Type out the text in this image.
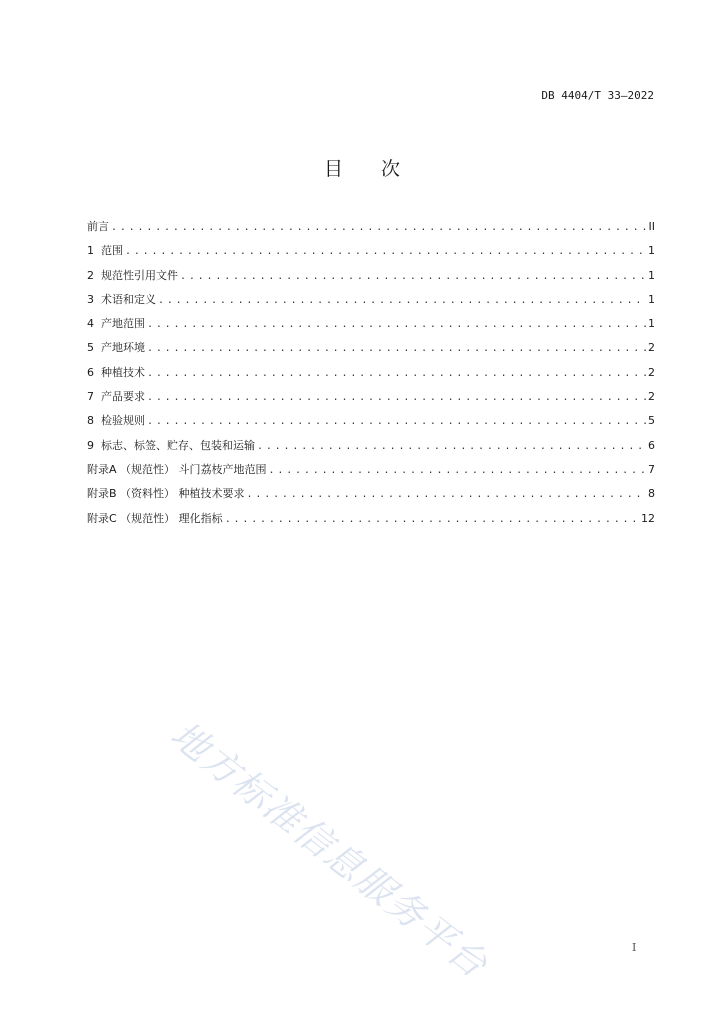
DB 4404/T 33—2022
目 次
前言 . . .	II
1  范围 . . .	1
2  规范性引用文件 . . .	1
3  术语和定义 . . .	1
4  产地范围 . . .	1
5  产地环境 . . .	2
6  种植技术 . . .	2
7  产品要求 . . .	2
8  检验规则 . . .	5
9  标志、标签、贮存、包装和运输 . . .	6
附录A （规范性） 斗门荔枝产地范围 . . .	7
附录B （资料性） 种植技术要求 . . .	8
附录C （规范性） 理化指标 . . .	12
地方标准信息服务平台	I
